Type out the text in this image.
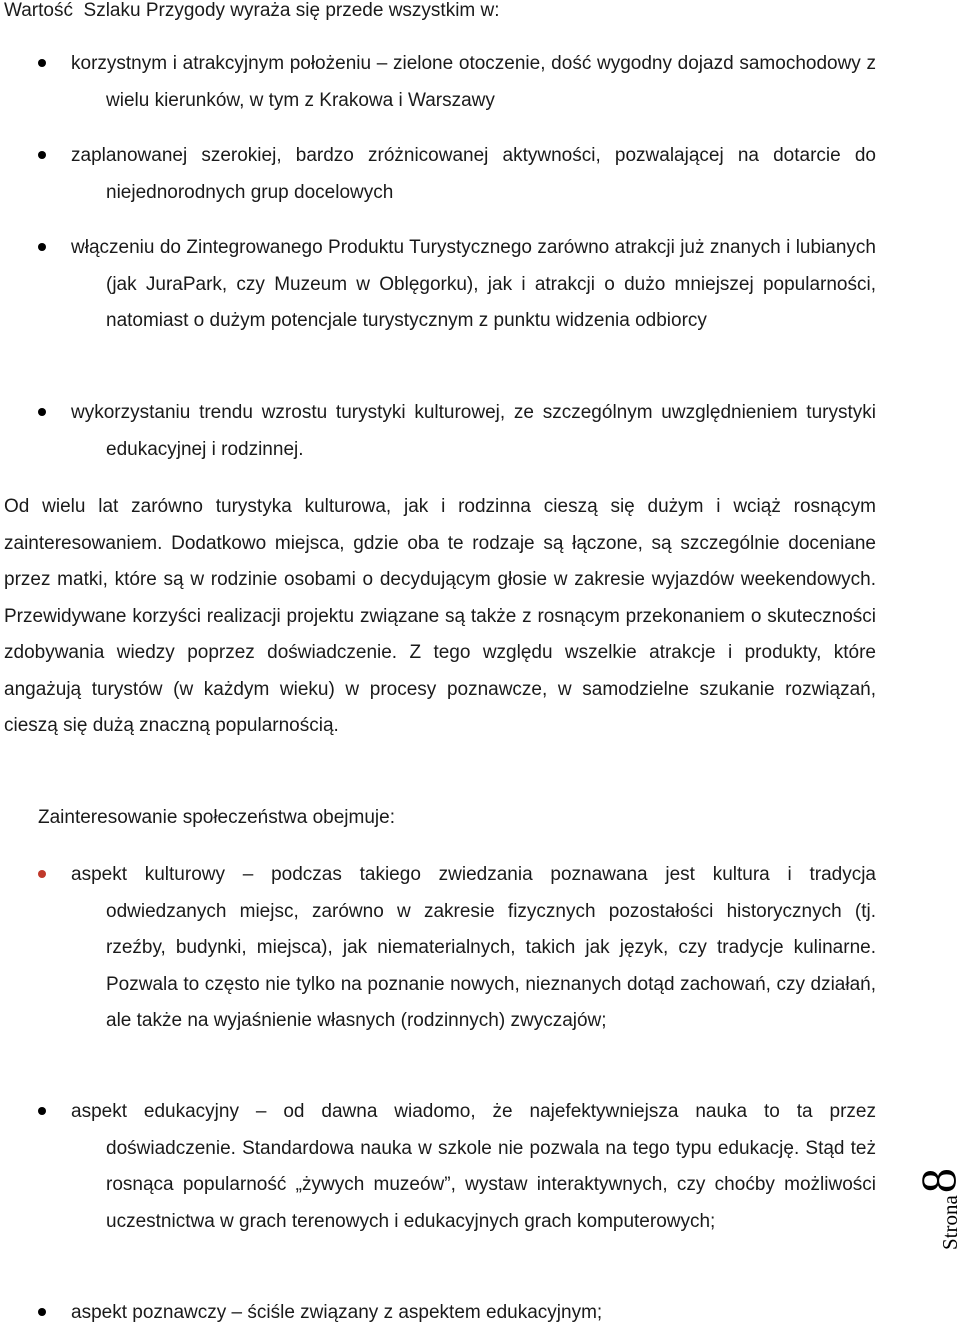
Wartość  Szlaku Przygody wyraża się przede wszystkim w:

korzystnym i atrakcyjnym położeniu – zielone otoczenie, dość wygodny dojazd samochodowy z wielu kierunków, w tym z Krakowa i Warszawy
zaplanowanej szerokiej, bardzo zróżnicowanej aktywności, pozwalającej na dotarcie do niejednorodnych grup docelowych
włączeniu do Zintegrowanego Produktu Turystycznego zarówno atrakcji już znanych i lubianych (jak JuraPark, czy Muzeum w Oblęgorku), jak i atrakcji o dużo mniejszej popularności, natomiast o dużym potencjale turystycznym z punktu widzenia odbiorcy
wykorzystaniu trendu wzrostu turystyki kulturowej, ze szczególnym uwzględnieniem turystyki edukacyjnej i rodzinnej.

Od wielu lat zarówno turystyka kulturowa, jak i rodzinna cieszą się dużym i wciąż rosnącym zainteresowaniem. Dodatkowo miejsca, gdzie oba te rodzaje są łączone, są szczególnie doceniane przez matki, które są w rodzinie osobami o decydującym głosie w zakresie wyjazdów weekendowych. Przewidywane korzyści realizacji projektu związane są także z rosnącym przekonaniem o skuteczności zdobywania wiedzy poprzez doświadczenie. Z tego względu wszelkie atrakcje i produkty, które angażują turystów (w każdym wieku) w procesy poznawcze, w samodzielne szukanie rozwiązań, cieszą się dużą znaczną popularnością.

Zainteresowanie społeczeństwa obejmuje:

aspekt kulturowy – podczas takiego zwiedzania poznawana jest kultura i tradycja odwiedzanych miejsc, zarówno w zakresie fizycznych pozostałości historycznych (tj. rzeźby, budynki, miejsca), jak niematerialnych, takich jak język, czy tradycje kulinarne. Pozwala to często nie tylko na poznanie nowych, nieznanych dotąd zachowań, czy działań, ale także na wyjaśnienie własnych (rodzinnych) zwyczajów;
aspekt edukacyjny – od dawna wiadomo, że najefektywniejsza nauka to ta przez doświadczenie. Standardowa nauka w szkole nie pozwala na tego typu edukację. Stąd też rosnąca popularność „żywych muzeów”, wystaw interaktywnych, czy choćby możliwości uczestnictwa w grach terenowych i edukacyjnych grach komputerowych;
aspekt poznawczy – ściśle związany z aspektem edukacyjnym;
Strona
8
